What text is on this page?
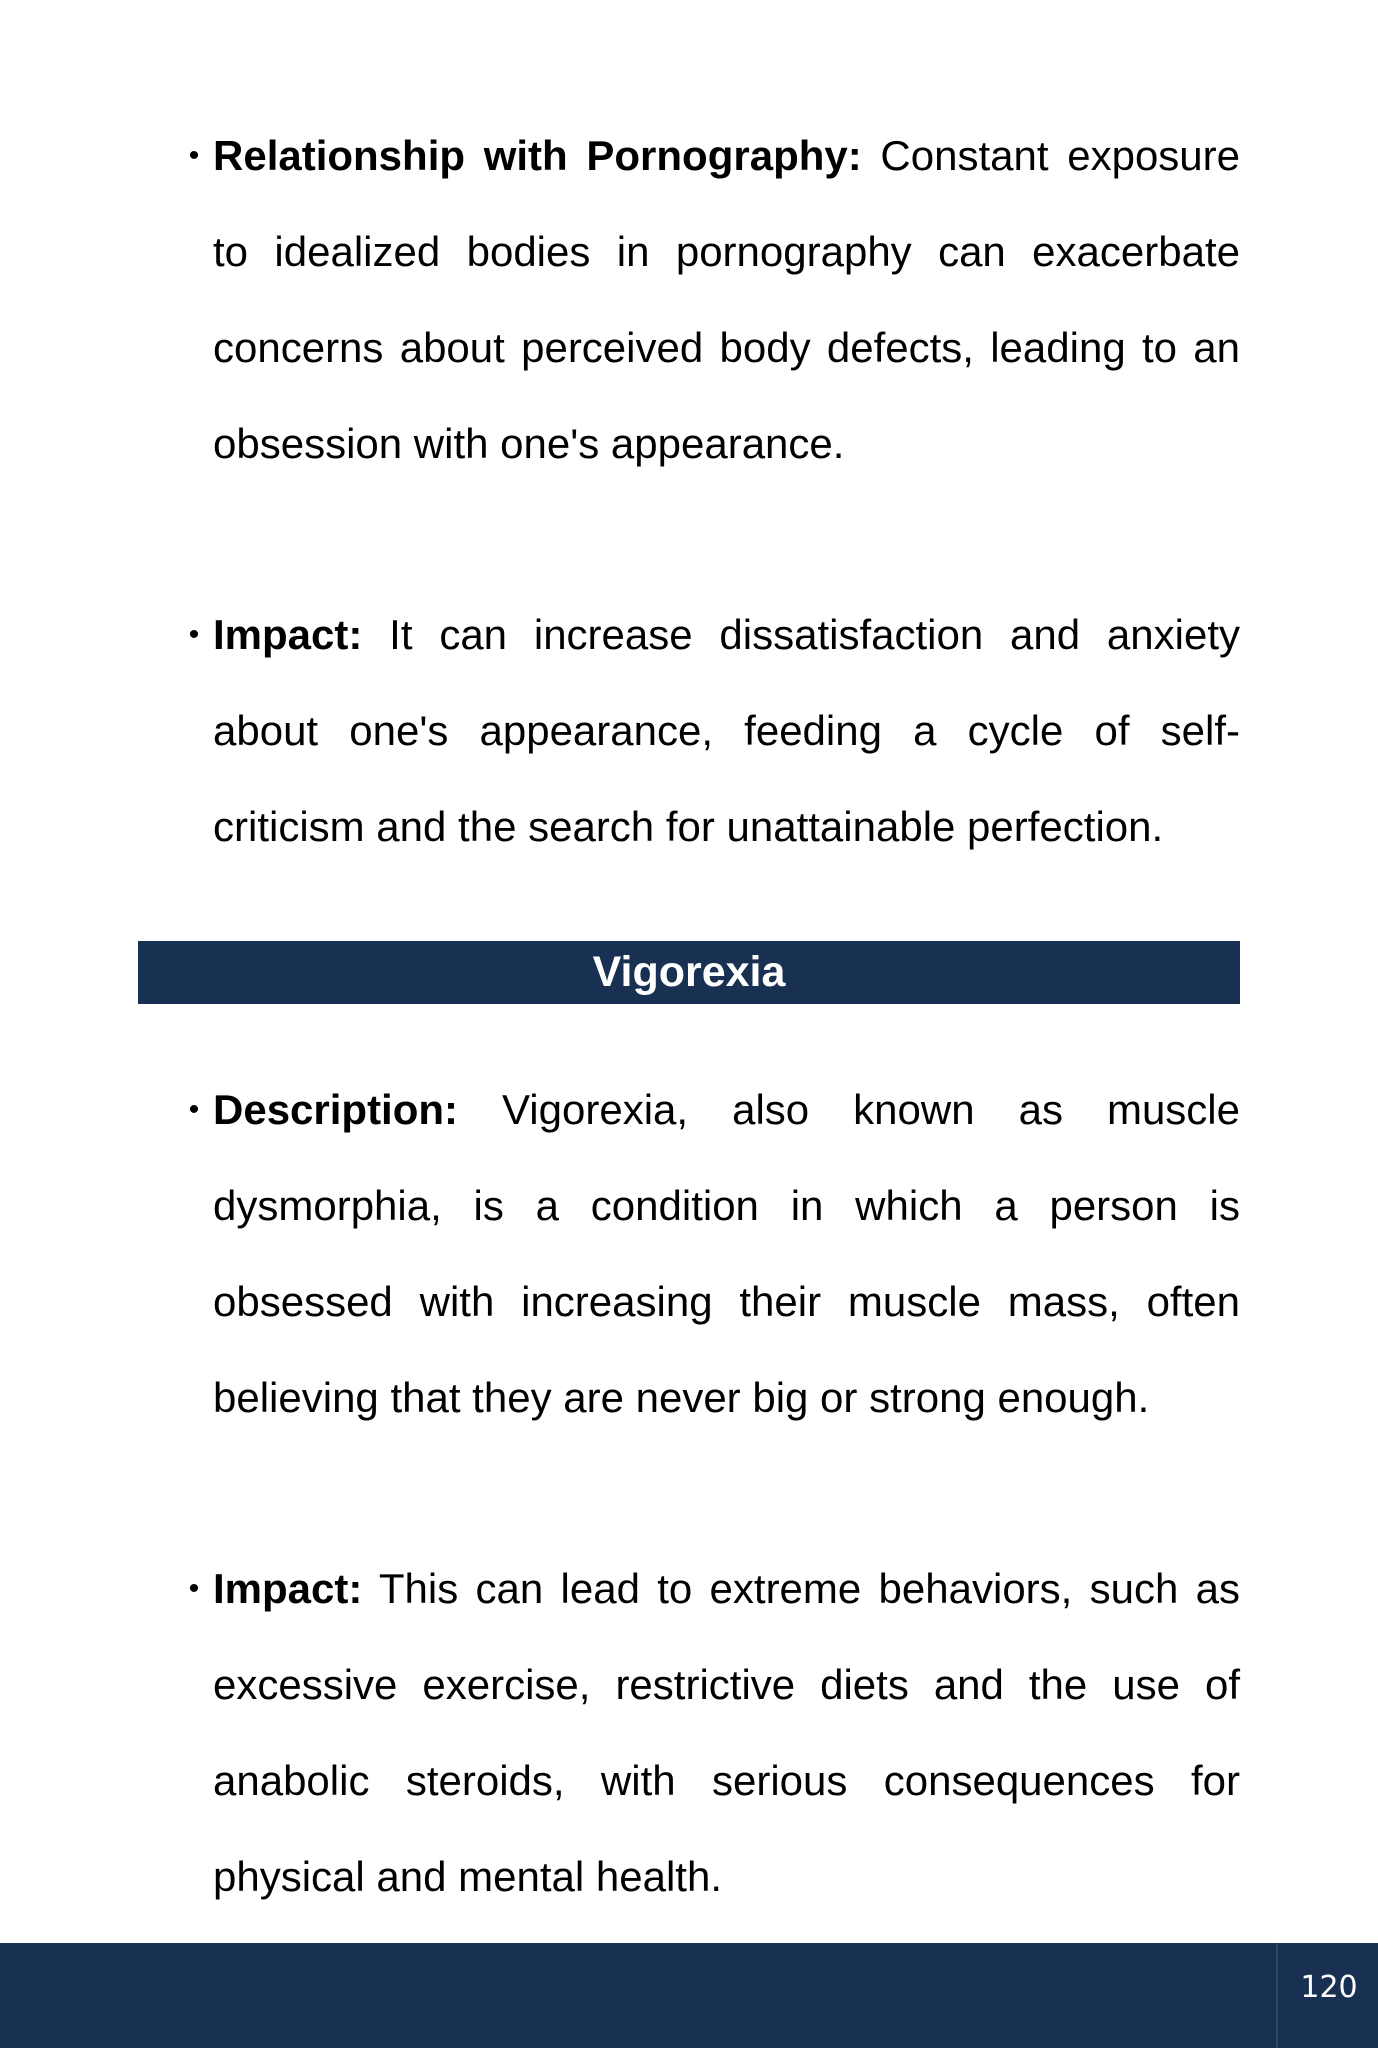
• Relationship with Pornography: Constant exposure to idealized bodies in pornography can exacerbate concerns about perceived body defects, leading to an obsession with one's appearance.
• Impact: It can increase dissatisfaction and anxiety about one's appearance, feeding a cycle of self-criticism and the search for unattainable perfection.
Vigorexia
• Description: Vigorexia, also known as muscle dysmorphia, is a condition in which a person is obsessed with increasing their muscle mass, often believing that they are never big or strong enough.
• Impact: This can lead to extreme behaviors, such as excessive exercise, restrictive diets and the use of anabolic steroids, with serious consequences for physical and mental health.
120
